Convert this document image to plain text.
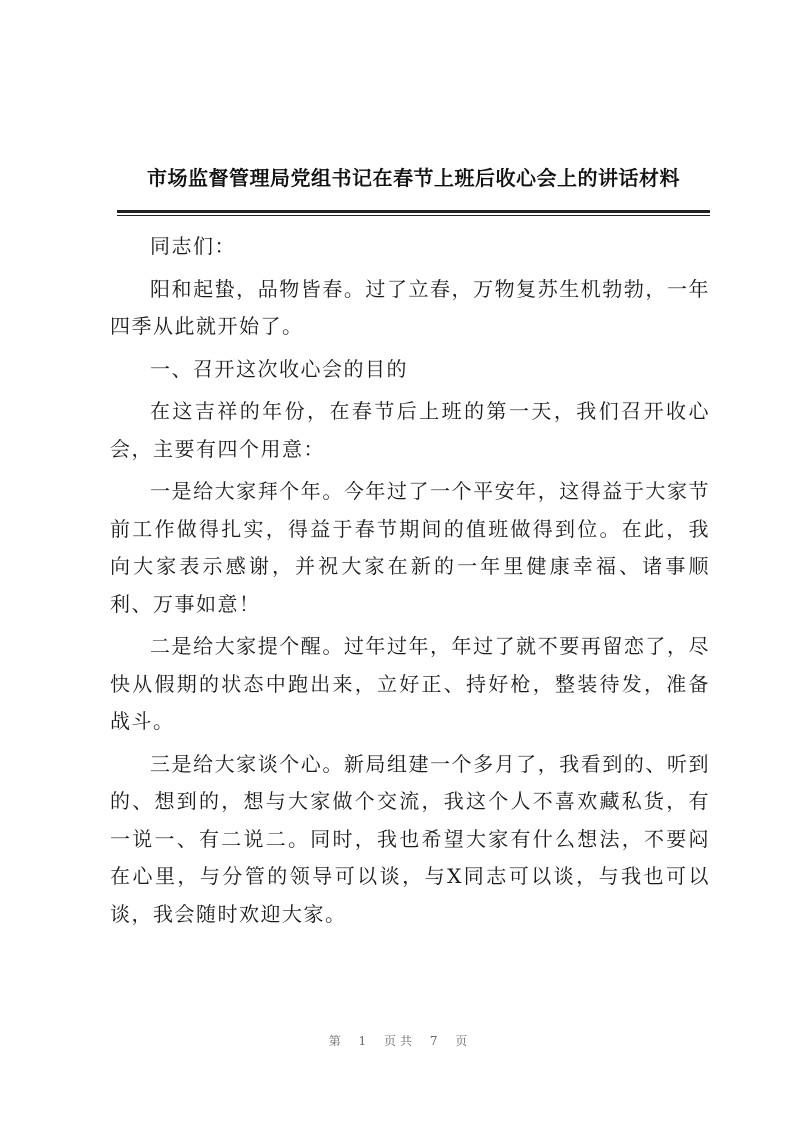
市场监督管理局党组书记在春节上班后收心会上的讲话材料

同志们：

阳和起蛰，品物皆春。过了立春，万物复苏生机勃勃，一年四季从此就开始了。

一、召开这次收心会的目的

在这吉祥的年份，在春节后上班的第一天，我们召开收心会，主要有四个用意：

一是给大家拜个年。今年过了一个平安年，这得益于大家节前工作做得扎实，得益于春节期间的值班做得到位。在此，我向大家表示感谢，并祝大家在新的一年里健康幸福、诸事顺利、万事如意！

二是给大家提个醒。过年过年，年过了就不要再留恋了，尽快从假期的状态中跑出来，立好正、持好枪，整装待发，准备战斗。

三是给大家谈个心。新局组建一个多月了，我看到的、听到的、想到的，想与大家做个交流，我这个人不喜欢藏私货，有一说一、有二说二。同时，我也希望大家有什么想法，不要闷在心里，与分管的领导可以谈，与X同志可以谈，与我也可以谈，我会随时欢迎大家。

第 1 页共 7 页
